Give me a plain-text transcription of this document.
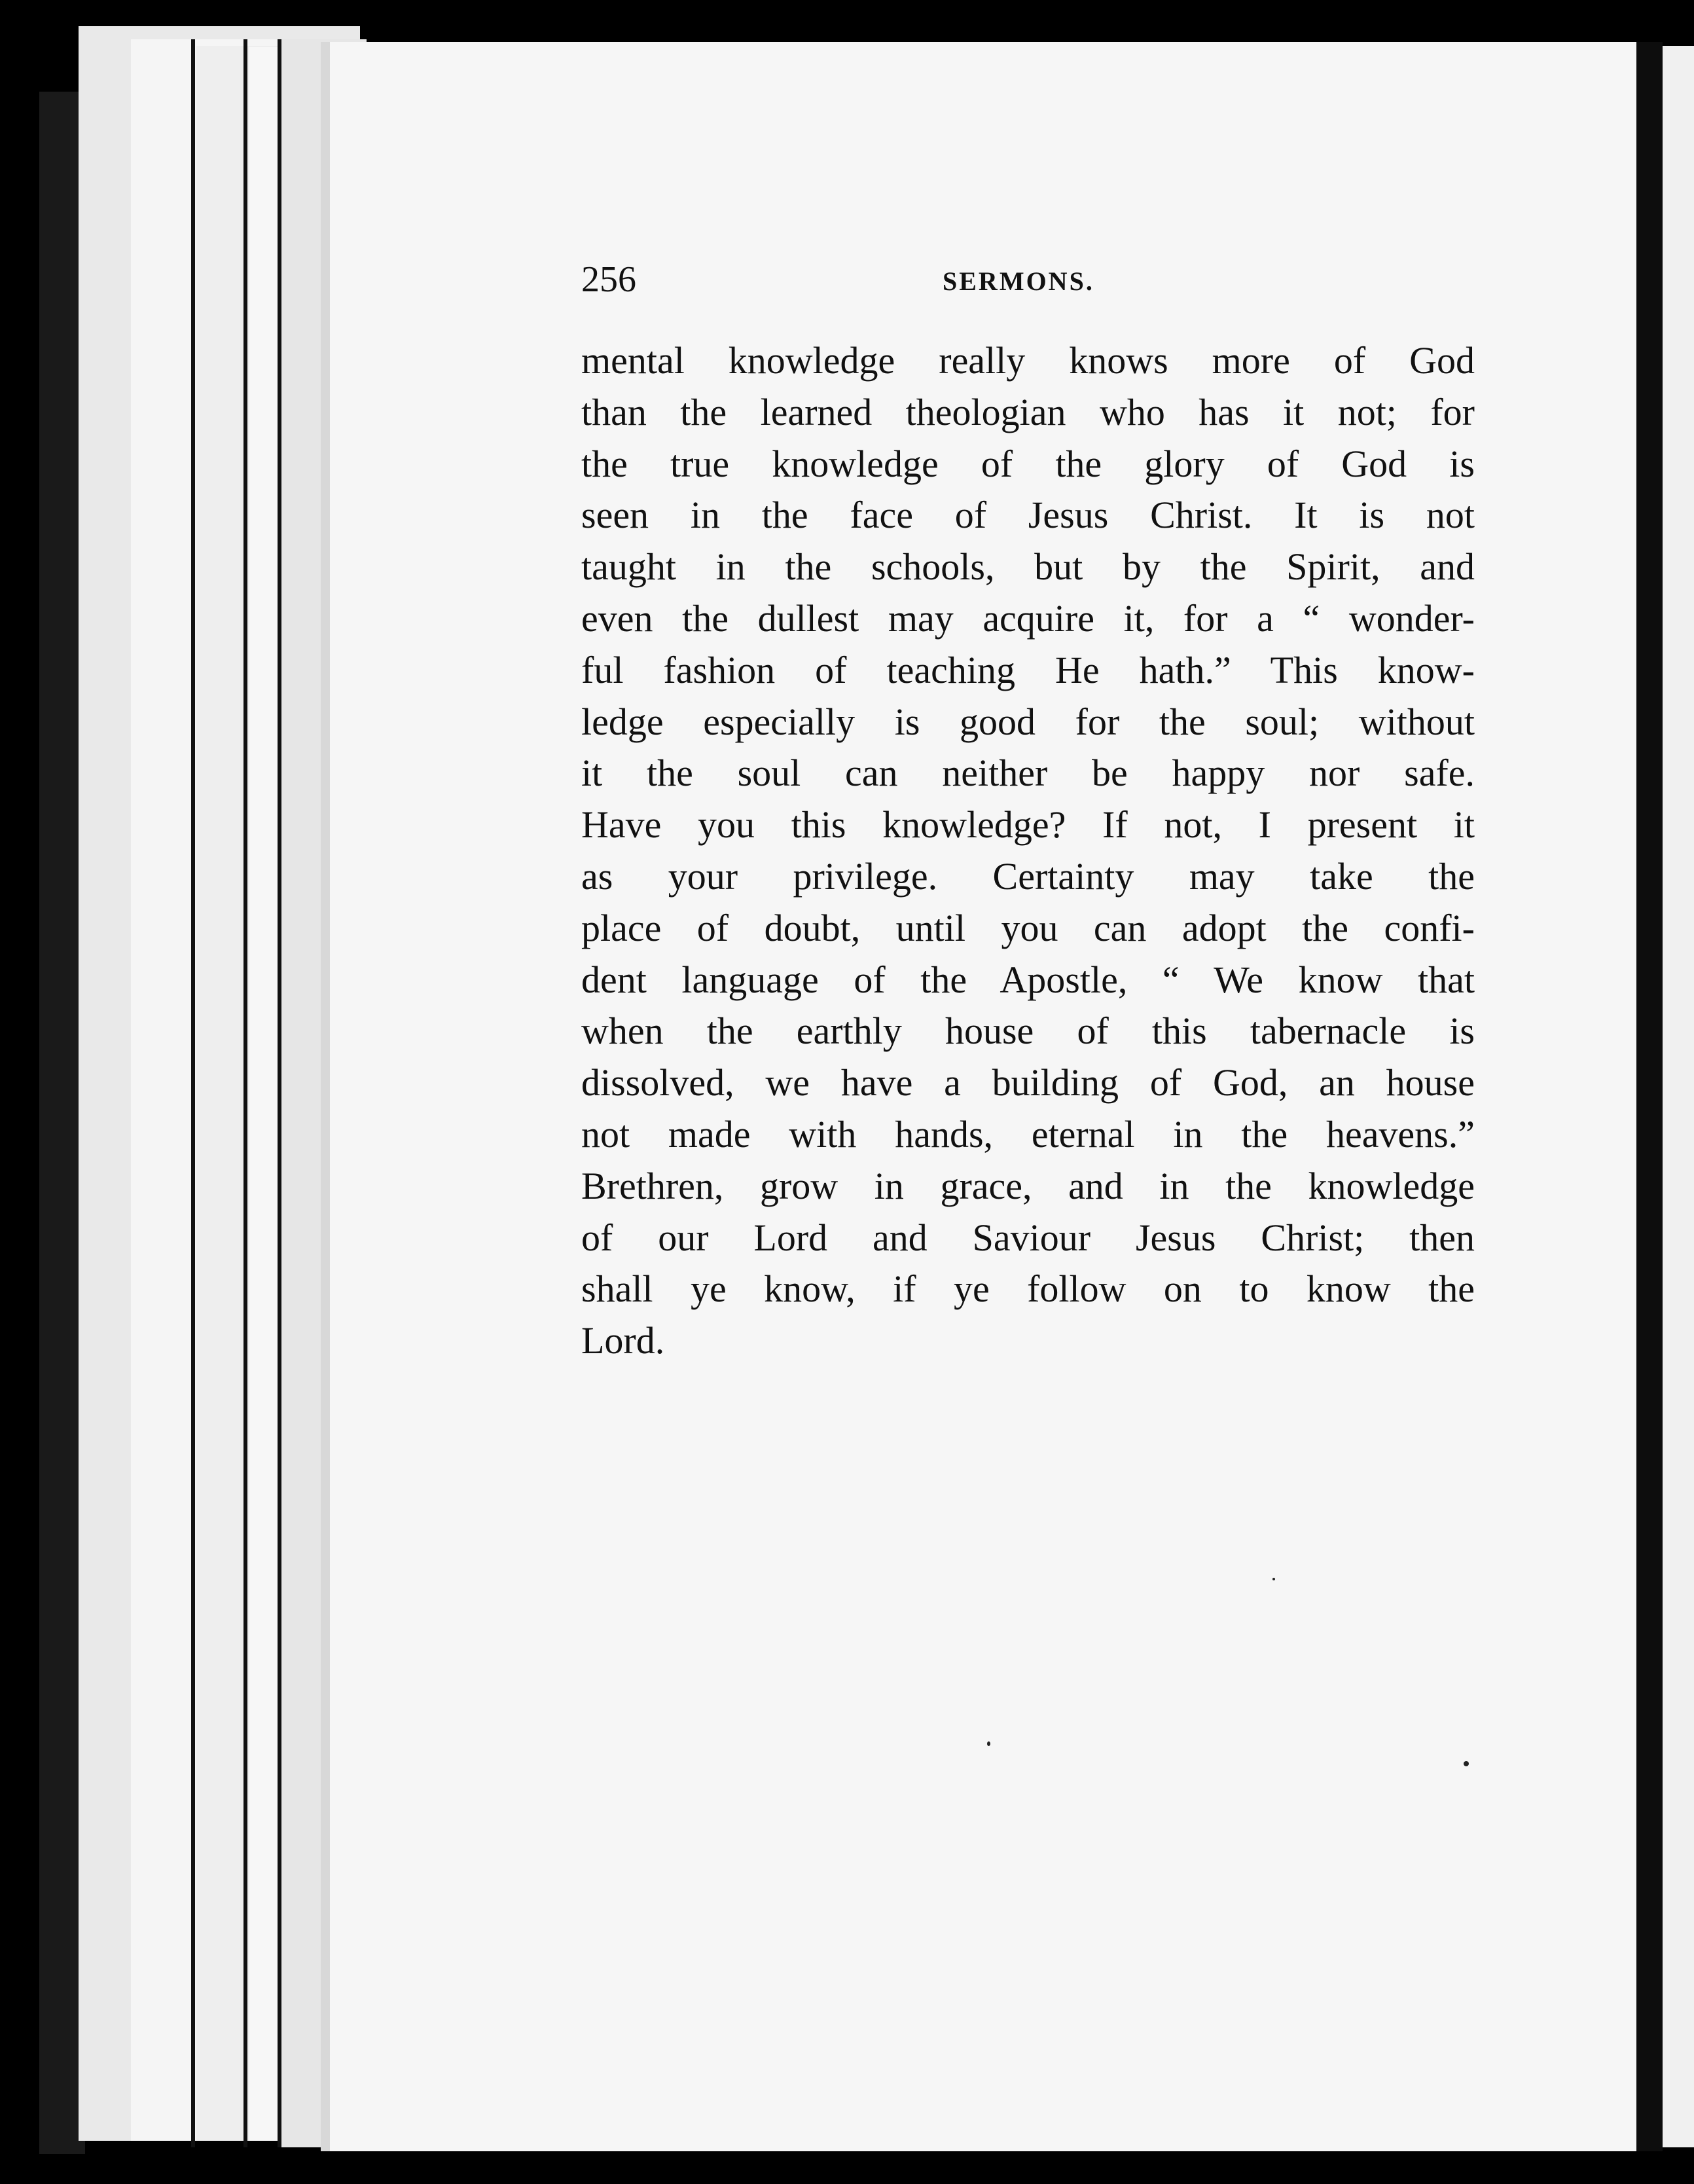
256	SERMONS.
mental knowledge really knows more of God
than the learned theologian who has it not; for
the true knowledge of the glory of God is
seen in the face of Jesus Christ. It is not
taught in the schools, but by the Spirit, and
even the dullest may acquire it, for a “ wonder-
ful fashion of teaching He hath.” This know-
ledge especially is good for the soul; without
it the soul can neither be happy nor safe.
Have you this knowledge? If not, I present it
as your privilege. Certainty may take the
place of doubt, until you can adopt the confi-
dent language of the Apostle, “ We know that
when the earthly house of this tabernacle is
dissolved, we have a building of God, an house
not made with hands, eternal in the heavens.”
Brethren, grow in grace, and in the knowledge
of our Lord and Saviour Jesus Christ; then
shall ye know, if ye follow on to know the
Lord.
